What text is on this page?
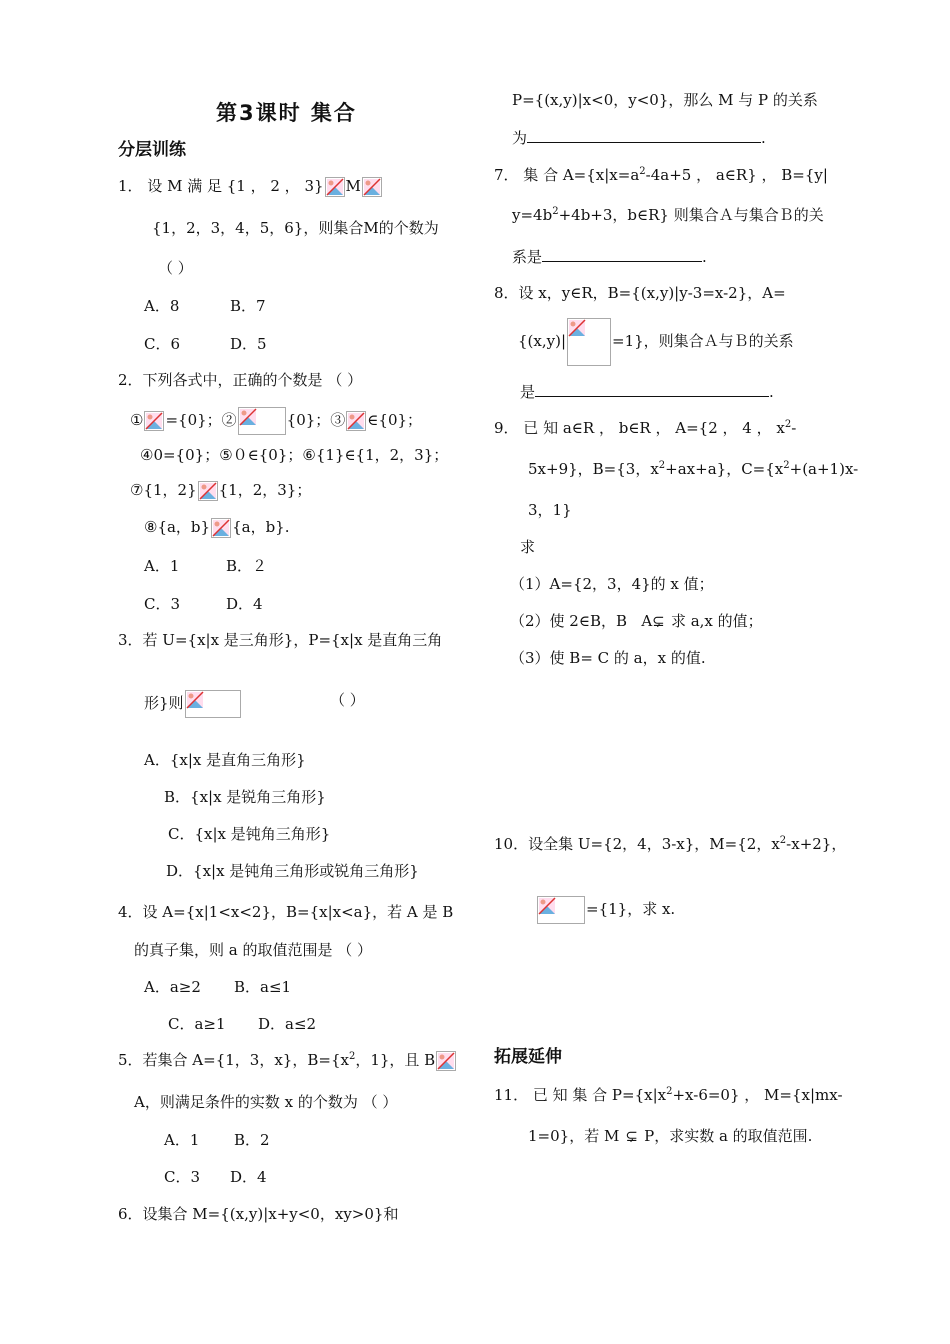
第3课时 集合
分层训练
拓展延伸
1． 设 M 满 足 {1 ， 2 ， 3} M
{1，2，3，4，5，6}，则集合M的个数为
（ ）
A．8	B．7
C．6	D．5
2．下列各式中，正确的个数是 （ ）
① ={0}；②	{0}；③ ∈{0}；
④0={0}；⑤０∈{0}；⑥{1}∈{1，2，3}；
⑦{1，2} {1，2，3}；
⑧{a，b} {a，b}.
A．1	B．２
C．3	D．4
3．若 U={x|x 是三角形}，P={x|x 是直角三角
形}则	（ ）
A．{x|x 是直角三角形}
B．{x|x 是锐角三角形}
C．{x|x 是钝角三角形}
D．{x|x 是钝角三角形或锐角三角形}
4．设 A={x|1<x<2}，B={x|x<a}，若 A 是 B
的真子集，则 a 的取值范围是 （ ）
A．a≥2 B．a≤1
C．a≥1 D．a≤2
5．若集合 A={1，3，x}，$B=\{x^2$，1}，且 B
A，则满足条件的实数 x 的个数为 （ ）
A．1 B．2
C．3 D．4
6．设集合 M={(x,y)|x+y<0，xy>0}和
P={(x,y)|x<0，y<0}，那么 M 与 P 的关系
为	.
7． 集 合 $A=\{x|x=a^2-4a+5$ ， a∈R} ， B={y|
$y=4b^2+4b+3$，b∈R} 则集合Ａ与集合Ｂ的关
系是	.
8．设 x，y∈R，B={(x,y)|y-3=x-2}，A=
{(x,y)|	=1}，则集合Ａ与Ｂ的关系
是	.
9． 已 知 a∈R ， b∈R ， A={2 ， 4 ， $x^2-$
5x+9}，B={3，$x^2+ax+a$}，$C=\{x^2+(a+1)x-$
3，1}
求
（1）A={2，3，4}的 x 值；
（2）使 2∈B，B A⊊ 求 a,x 的值；
（3）使 B= C 的 a，x 的值.
10．设全集 U={2，4，3-x}，M={2，$x^2-x+2$}，
={1}，求 x.
11． 已 知 集 合 $P=\{x|x^2+x-6=0\}$ ， M={x|mx-
1=0}，若 M ⊊ P，求实数 a 的取值范围.
